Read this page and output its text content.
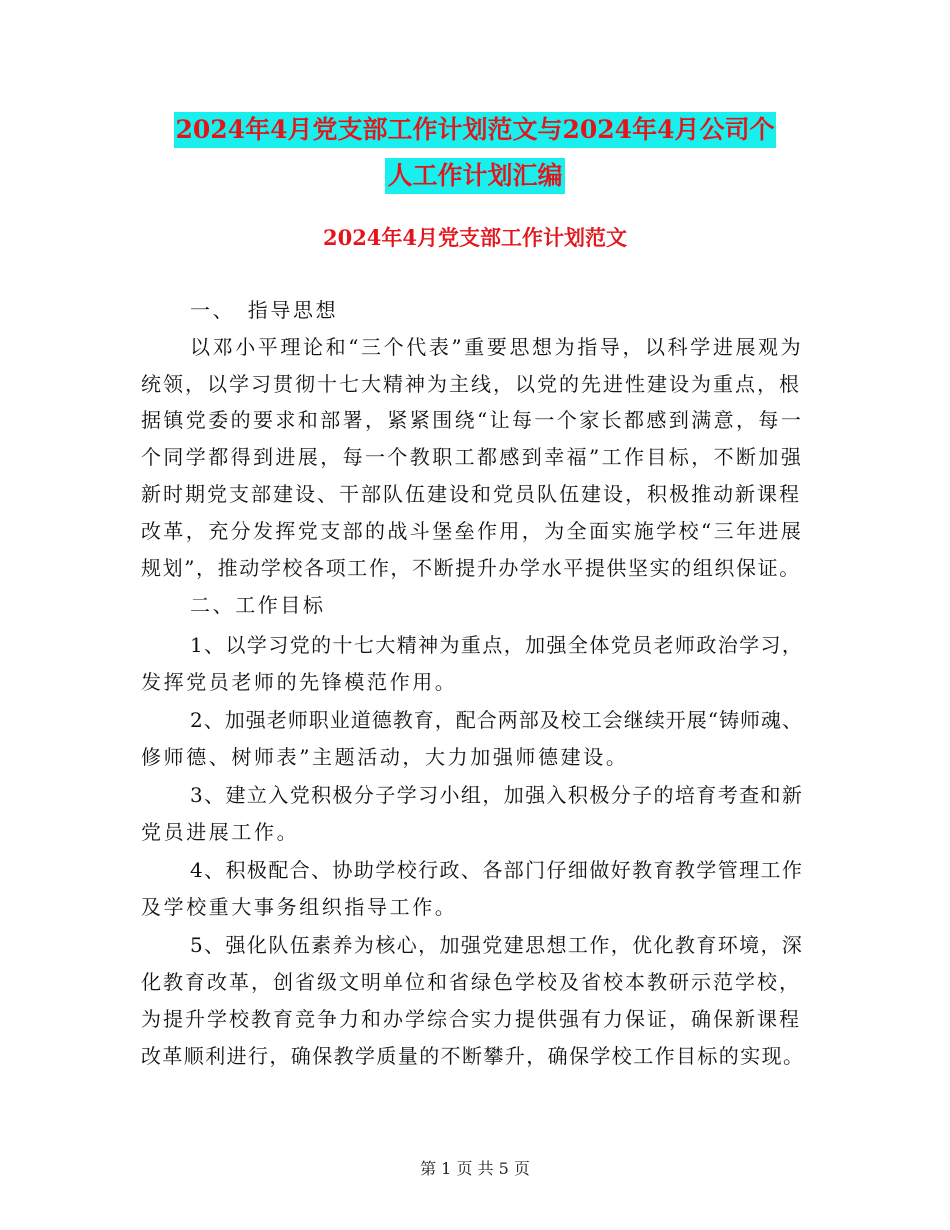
2024年4月党支部工作计划范文与2024年4月公司个
人工作计划汇编
2024年4月党支部工作计划范文
一、　指导思想
以邓小平理论和“三个代表”重要思想为指导，以科学进展观为
统领，以学习贯彻十七大精神为主线，以党的先进性建设为重点，根
据镇党委的要求和部署，紧紧围绕“让每一个家长都感到满意，每一
个同学都得到进展，每一个教职工都感到幸福”工作目标，不断加强
新时期党支部建设、干部队伍建设和党员队伍建设，积极推动新课程
改革，充分发挥党支部的战斗堡垒作用，为全面实施学校“三年进展
规划”，推动学校各项工作，不断提升办学水平提供坚实的组织保证。
二、工作目标
1、以学习党的十七大精神为重点，加强全体党员老师政治学习，
发挥党员老师的先锋模范作用。
2、加强老师职业道德教育，配合两部及校工会继续开展“铸师魂、
修师德、树师表”主题活动，大力加强师德建设。
3、建立入党积极分子学习小组，加强入积极分子的培育考查和新
党员进展工作。
4、积极配合、协助学校行政、各部门仔细做好教育教学管理工作
及学校重大事务组织指导工作。
5、强化队伍素养为核心，加强党建思想工作，优化教育环境，深
化教育改革，创省级文明单位和省绿色学校及省校本教研示范学校，
为提升学校教育竞争力和办学综合实力提供强有力保证，确保新课程
改革顺利进行，确保教学质量的不断攀升，确保学校工作目标的实现。
第 1 页 共 5 页
